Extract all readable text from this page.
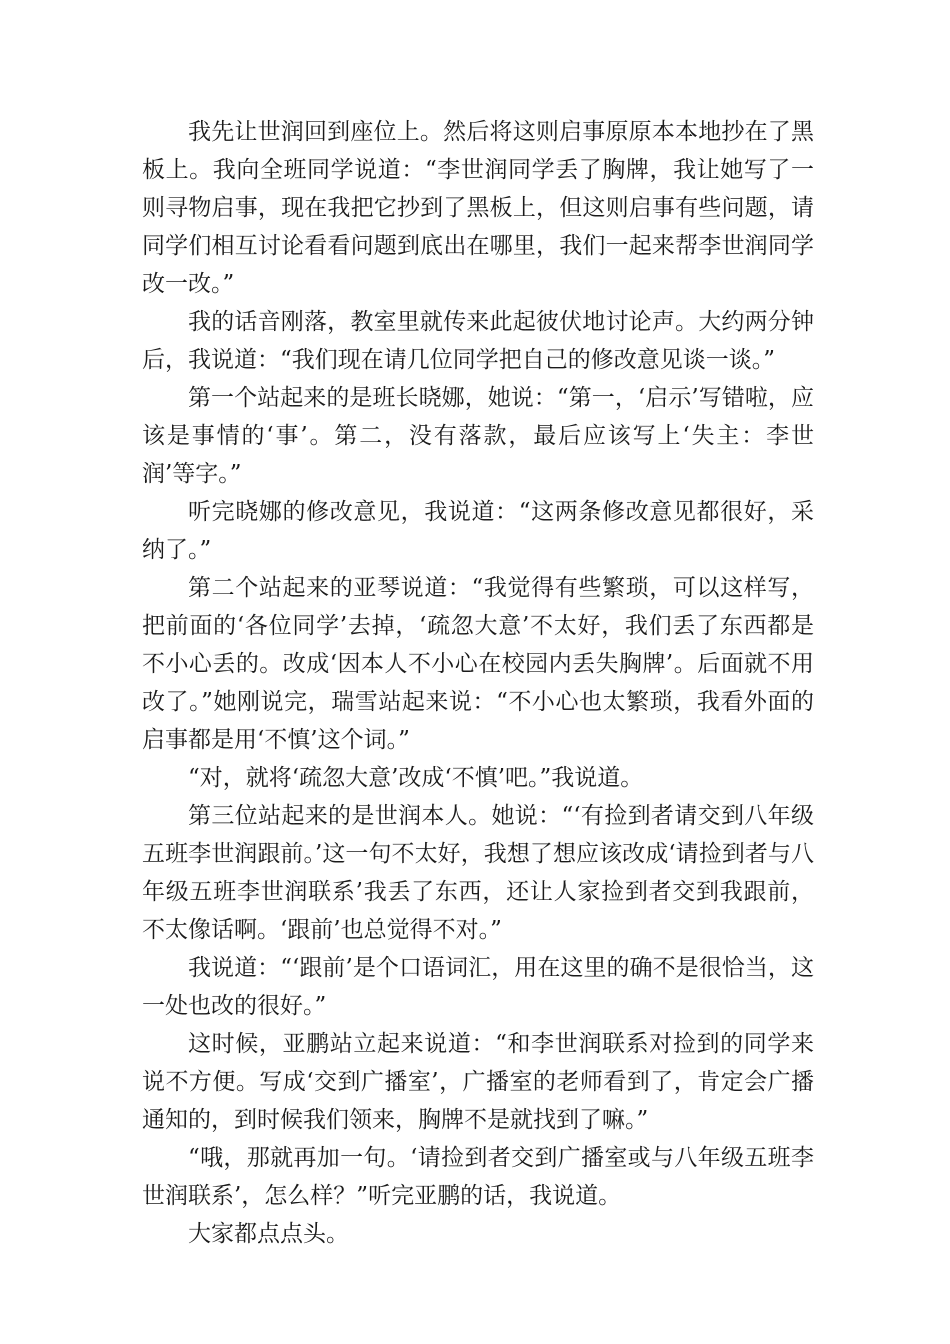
我先让世润回到座位上。然后将这则启事原原本本地抄在了黑板上。我向全班同学说道：“李世润同学丢了胸牌，我让她写了一则寻物启事，现在我把它抄到了黑板上，但这则启事有些问题，请同学们相互讨论看看问题到底出在哪里，我们一起来帮李世润同学改一改。”

我的话音刚落，教室里就传来此起彼伏地讨论声。大约两分钟后，我说道：“我们现在请几位同学把自己的修改意见谈一谈。”

第一个站起来的是班长晓娜，她说：“第一，‘启示’写错啦，应该是事情的‘事’。第二，没有落款，最后应该写上‘失主：李世润’等字。”

听完晓娜的修改意见，我说道：“这两条修改意见都很好，采纳了。”

第二个站起来的亚琴说道：“我觉得有些繁琐，可以这样写，把前面的‘各位同学’去掉，‘疏忽大意’不太好，我们丢了东西都是不小心丢的。改成‘因本人不小心在校园内丢失胸牌’。后面就不用改了。”她刚说完，瑞雪站起来说：“不小心也太繁琐，我看外面的启事都是用‘不慎’这个词。”

“对，就将‘疏忽大意’改成‘不慎’吧。”我说道。

第三位站起来的是世润本人。她说：“‘有捡到者请交到八年级五班李世润跟前。’这一句不太好，我想了想应该改成‘请捡到者与八年级五班李世润联系’我丢了东西，还让人家捡到者交到我跟前，不太像话啊。‘跟前’也总觉得不对。”

我说道：“‘跟前’是个口语词汇，用在这里的确不是很恰当，这一处也改的很好。”

这时候，亚鹏站立起来说道：“和李世润联系对捡到的同学来说不方便。写成‘交到广播室’，广播室的老师看到了，肯定会广播通知的，到时候我们领来，胸牌不是就找到了嘛。”

“哦，那就再加一句。‘请捡到者交到广播室或与八年级五班李世润联系’，怎么样？”听完亚鹏的话，我说道。

大家都点点头。
